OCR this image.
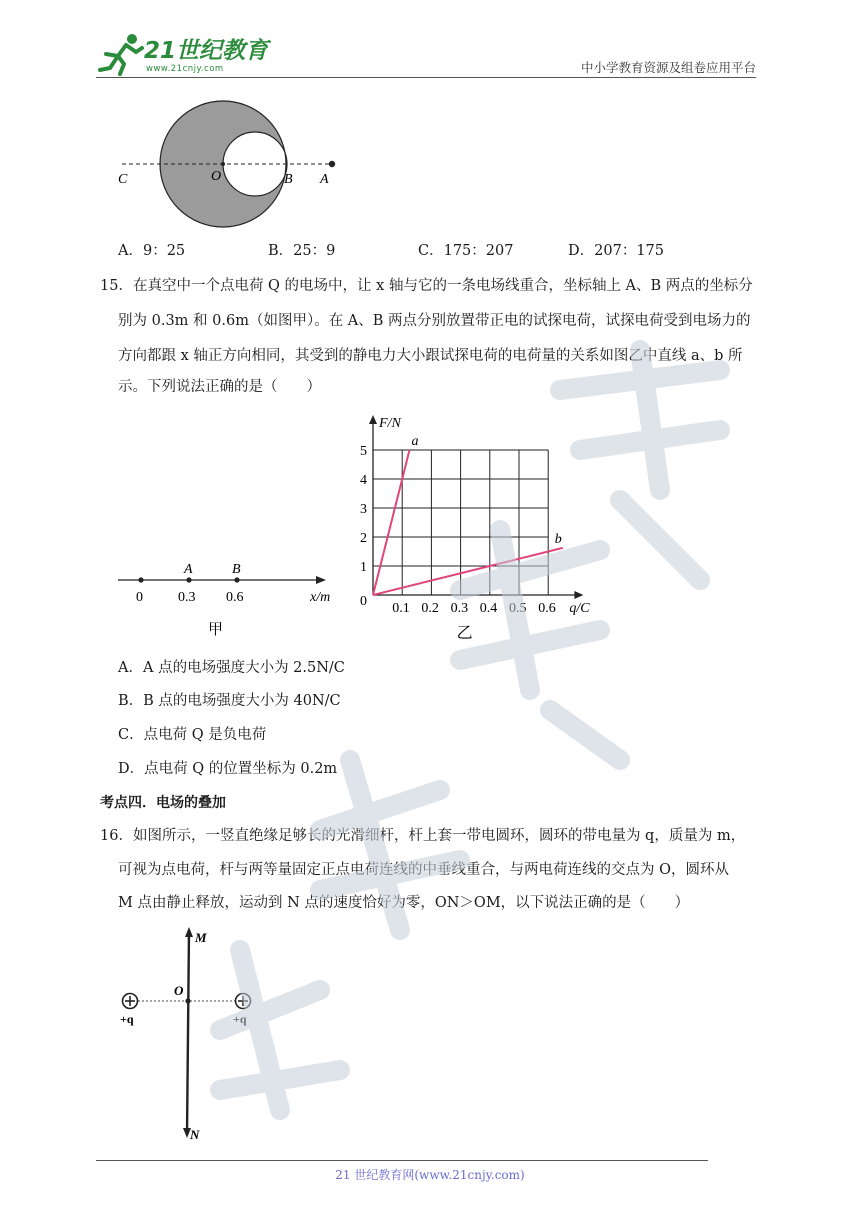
21世纪教育
www.21cnjy.com	中小学教育资源及组卷应用平台
C	O	B A
A．9：25	B．25：9	C．175：207	D．207：175
15．在真空中一个点电荷 Q 的电场中，让 x 轴与它的一条电场线重合，坐标轴上 A、B 两点的坐标分
别为 0.3m 和 0.6m（如图甲）。在 A、B 两点分别放置带正电的试探电荷，试探电荷受到电场力的
方向都跟 x 轴正方向相同，其受到的静电力大小跟试探电荷的电荷量的关系如图乙中直线 a、b 所
示。下列说法正确的是（　　）
A	B
0	0.3 0.6	x/m
甲
0.1 0.2 0.3 0.4 0.5 0.6
0
1
2
3
4
5
F/N
q/C
a
b
乙
A．A 点的电场强度大小为 2.5N/C
B．B 点的电场强度大小为 40N/C
C．点电荷 Q 是负电荷
D．点电荷 Q 的位置坐标为 0.2m
考点四．电场的叠加
16．如图所示，一竖直绝缘足够长的光滑细杆，杆上套一带电圆环，圆环的带电量为 q，质量为 m，
可视为点电荷，杆与两等量固定正点电荷连线的中垂线重合，与两电荷连线的交点为 O，圆环从
M 点由静止释放，运动到 N 点的速度恰好为零，ON＞OM，以下说法正确的是（　　）
M
O
N
+q	+q
21 世纪教育网(www.21cnjy.com)
